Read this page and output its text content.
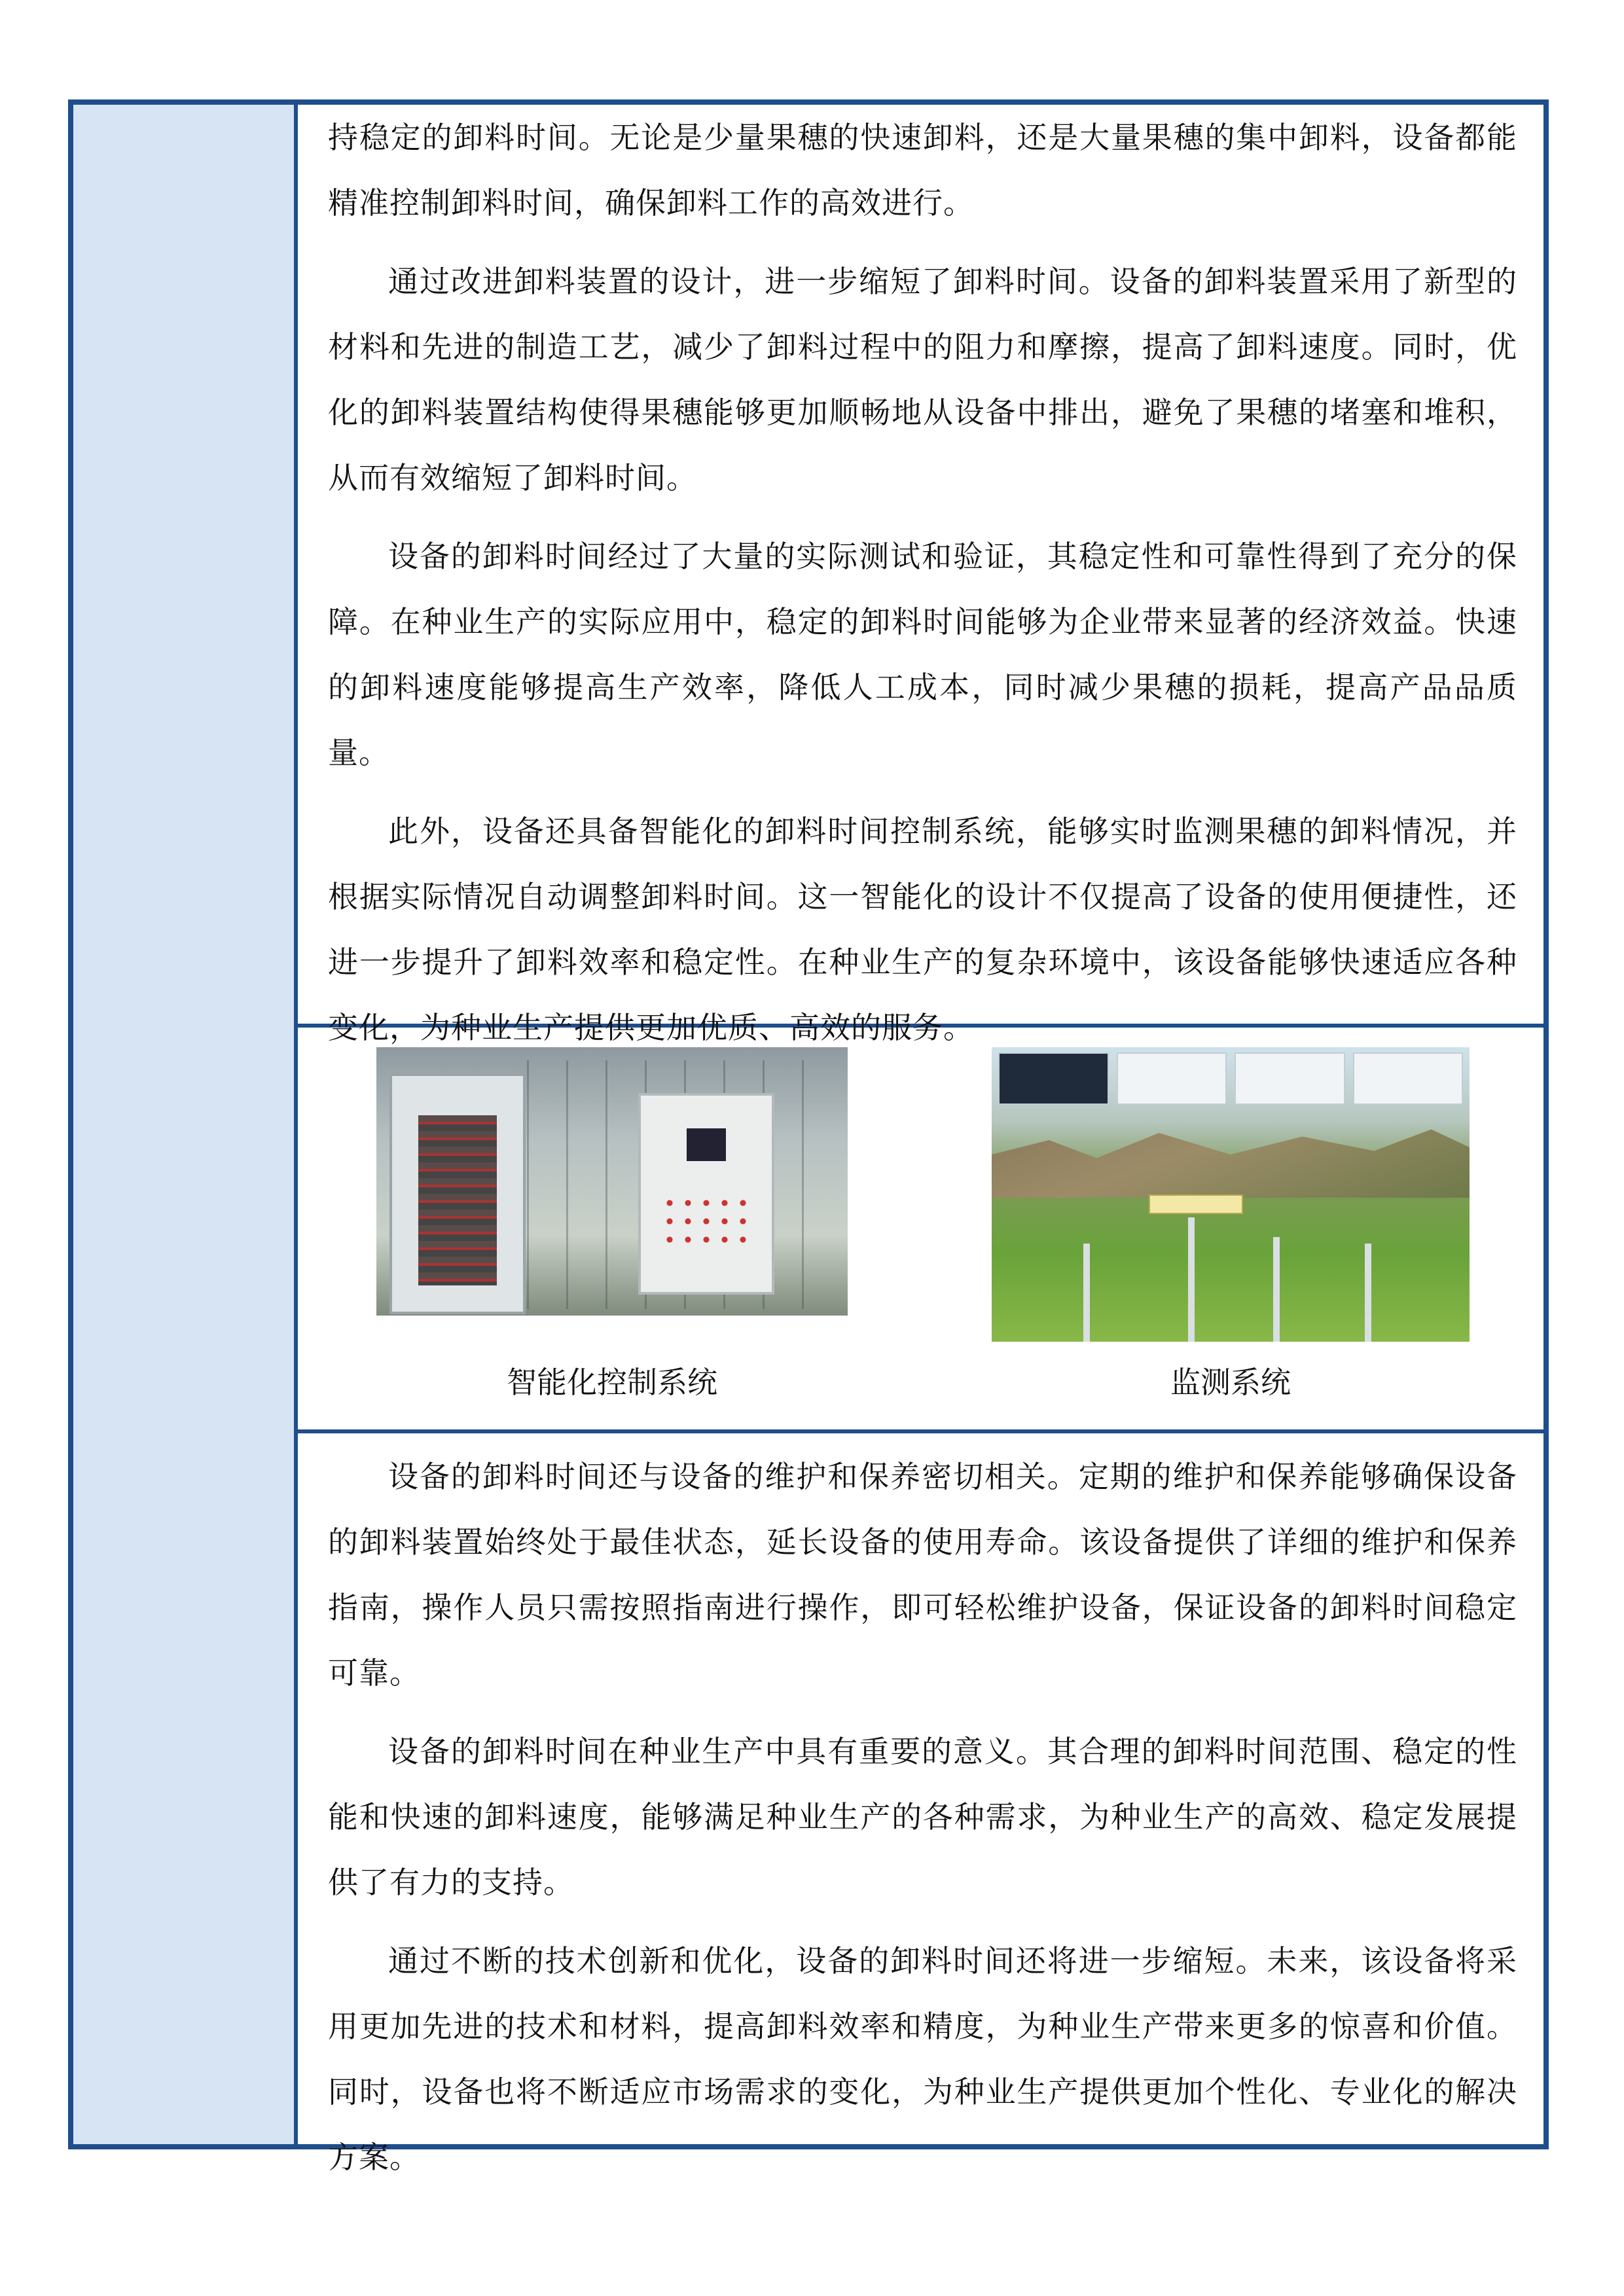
持稳定的卸料时间。无论是少量果穗的快速卸料，还是大量果穗的集中卸料，设备都能精准控制卸料时间，确保卸料工作的高效进行。

通过改进卸料装置的设计，进一步缩短了卸料时间。设备的卸料装置采用了新型的材料和先进的制造工艺，减少了卸料过程中的阻力和摩擦，提高了卸料速度。同时，优化的卸料装置结构使得果穗能够更加顺畅地从设备中排出，避免了果穗的堵塞和堆积，从而有效缩短了卸料时间。

设备的卸料时间经过了大量的实际测试和验证，其稳定性和可靠性得到了充分的保障。在种业生产的实际应用中，稳定的卸料时间能够为企业带来显著的经济效益。快速的卸料速度能够提高生产效率，降低人工成本，同时减少果穗的损耗，提高产品品质量。

此外，设备还具备智能化的卸料时间控制系统，能够实时监测果穗的卸料情况，并根据实际情况自动调整卸料时间。这一智能化的设计不仅提高了设备的使用便捷性，还进一步提升了卸料效率和稳定性。在种业生产的复杂环境中，该设备能够快速适应各种变化，为种业生产提供更加优质、高效的服务。

智能化控制系统	监测系统

设备的卸料时间还与设备的维护和保养密切相关。定期的维护和保养能够确保设备的卸料装置始终处于最佳状态，延长设备的使用寿命。该设备提供了详细的维护和保养指南，操作人员只需按照指南进行操作，即可轻松维护设备，保证设备的卸料时间稳定可靠。

设备的卸料时间在种业生产中具有重要的意义。其合理的卸料时间范围、稳定的性能和快速的卸料速度，能够满足种业生产的各种需求，为种业生产的高效、稳定发展提供了有力的支持。

通过不断的技术创新和优化，设备的卸料时间还将进一步缩短。未来，该设备将采用更加先进的技术和材料，提高卸料效率和精度，为种业生产带来更多的惊喜和价值。同时，设备也将不断适应市场需求的变化，为种业生产提供更加个性化、专业化的解决方案。
